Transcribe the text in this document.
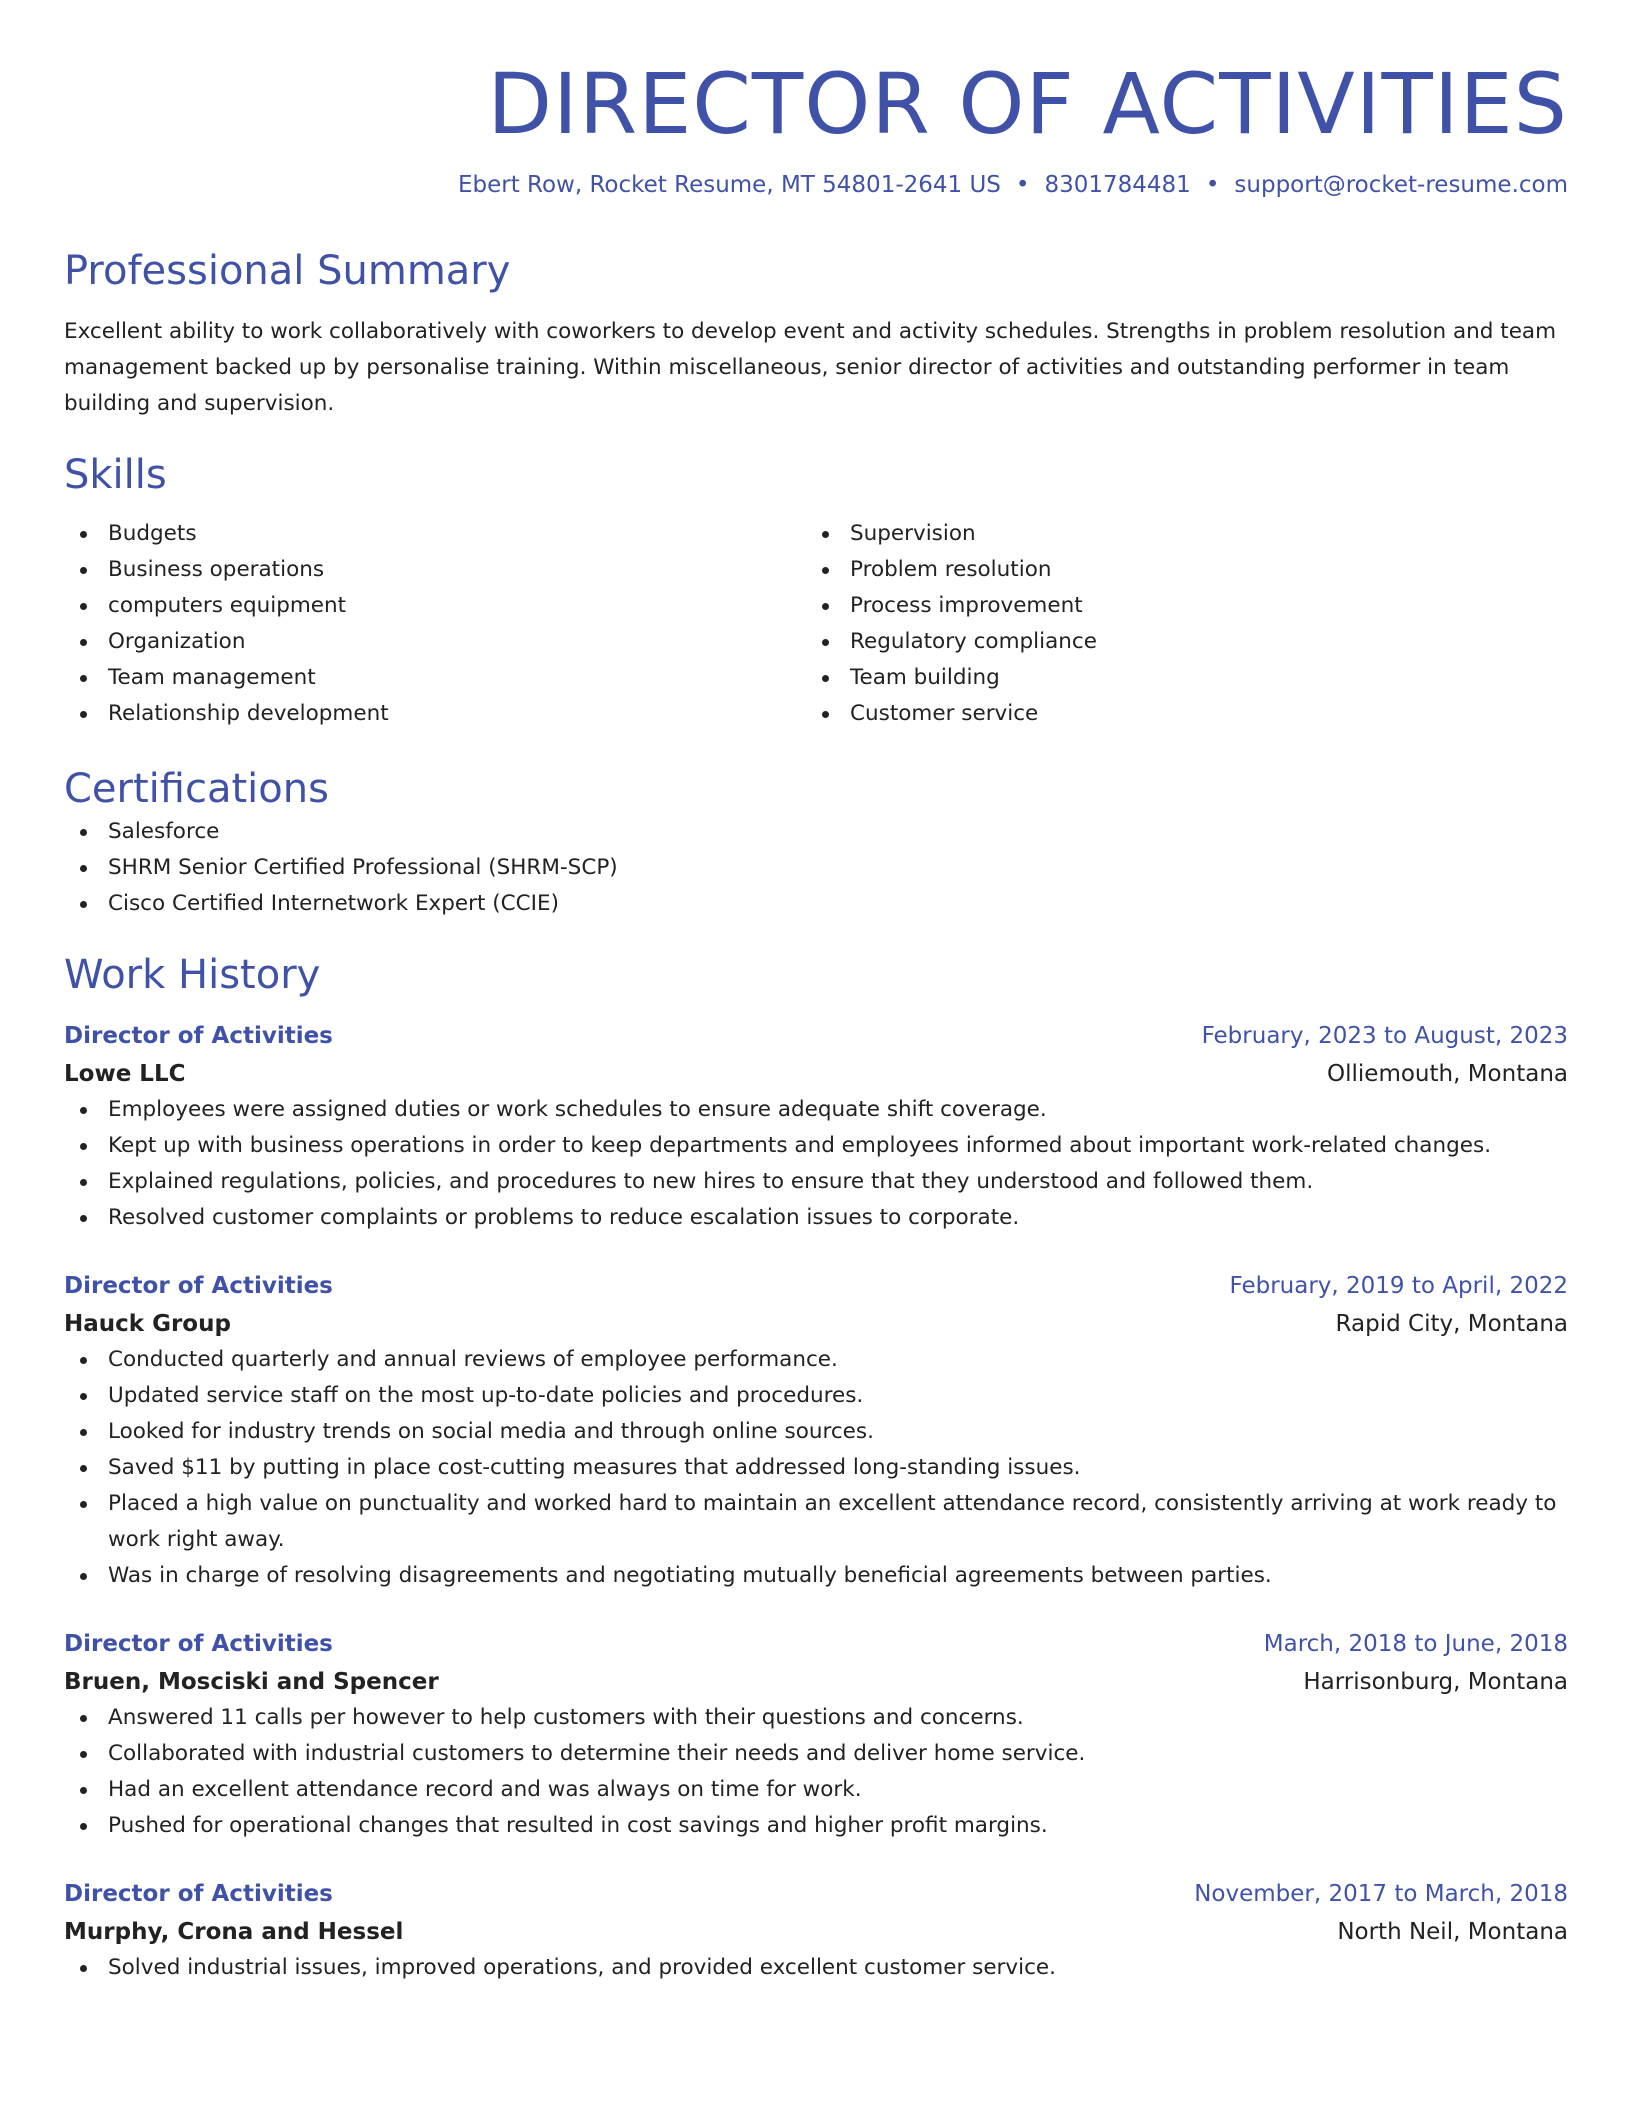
DIRECTOR OF ACTIVITIES
Ebert Row, Rocket Resume, MT 54801-2641 US • 8301784481 • support@rocket-resume.com
Professional Summary
Excellent ability to work collaboratively with coworkers to develop event and activity schedules. Strengths in problem resolution and team management backed up by personalise training. Within miscellaneous, senior director of activities and outstanding performer in team building and supervision.
Skills
Budgets
Business operations
computers equipment
Organization
Team management
Relationship development
Supervision
Problem resolution
Process improvement
Regulatory compliance
Team building
Customer service
Certifications
Salesforce
SHRM Senior Certified Professional (SHRM-SCP)
Cisco Certified Internetwork Expert (CCIE)
Work History
Director of Activities	February, 2023 to August, 2023
Lowe LLC	Olliemouth, Montana
Employees were assigned duties or work schedules to ensure adequate shift coverage.
Kept up with business operations in order to keep departments and employees informed about important work-related changes.
Explained regulations, policies, and procedures to new hires to ensure that they understood and followed them.
Resolved customer complaints or problems to reduce escalation issues to corporate.
Director of Activities	February, 2019 to April, 2022
Hauck Group	Rapid City, Montana
Conducted quarterly and annual reviews of employee performance.
Updated service staff on the most up-to-date policies and procedures.
Looked for industry trends on social media and through online sources.
Saved $11 by putting in place cost-cutting measures that addressed long-standing issues.
Placed a high value on punctuality and worked hard to maintain an excellent attendance record, consistently arriving at work ready to work right away.
Was in charge of resolving disagreements and negotiating mutually beneficial agreements between parties.
Director of Activities	March, 2018 to June, 2018
Bruen, Mosciski and Spencer	Harrisonburg, Montana
Answered 11 calls per however to help customers with their questions and concerns.
Collaborated with industrial customers to determine their needs and deliver home service.
Had an excellent attendance record and was always on time for work.
Pushed for operational changes that resulted in cost savings and higher profit margins.
Director of Activities	November, 2017 to March, 2018
Murphy, Crona and Hessel	North Neil, Montana
Solved industrial issues, improved operations, and provided excellent customer service.
